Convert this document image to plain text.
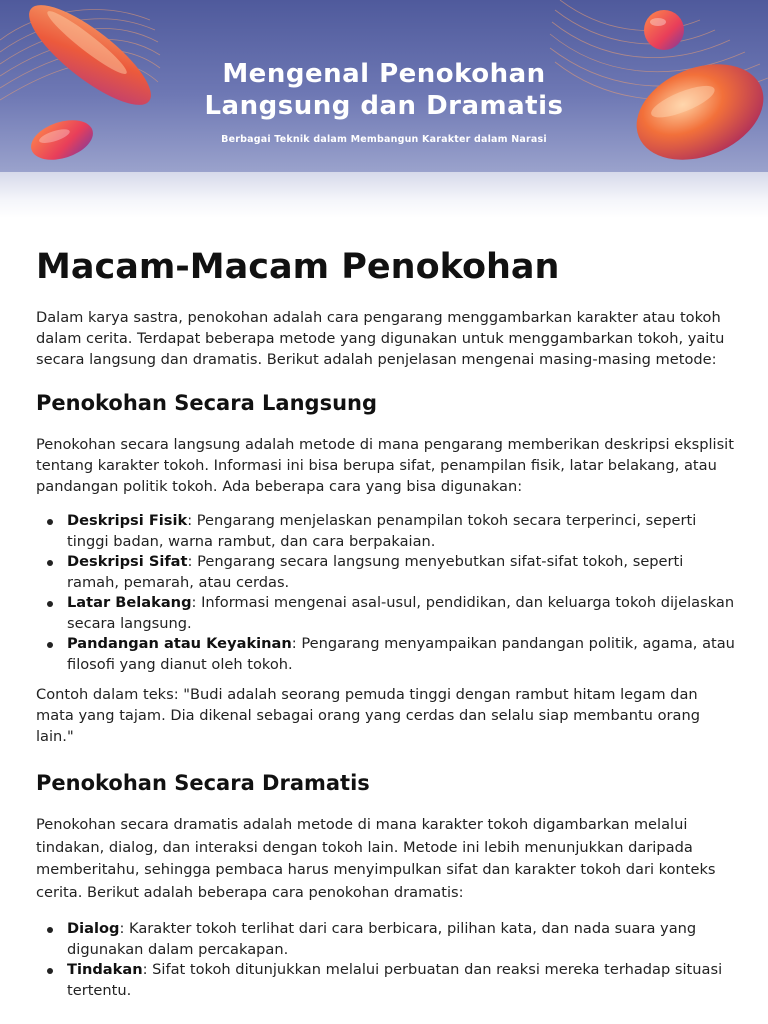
Mengenal Penokohan
Langsung dan Dramatis
Berbagai Teknik dalam Membangun Karakter dalam Narasi
Macam-Macam Penokohan

Dalam karya sastra, penokohan adalah cara pengarang menggambarkan karakter atau tokoh dalam cerita. Terdapat beberapa metode yang digunakan untuk menggambarkan tokoh, yaitu secara langsung dan dramatis. Berikut adalah penjelasan mengenai masing-masing metode:

Penokohan Secara Langsung

Penokohan secara langsung adalah metode di mana pengarang memberikan deskripsi eksplisit tentang karakter tokoh. Informasi ini bisa berupa sifat, penampilan fisik, latar belakang, atau pandangan politik tokoh. Ada beberapa cara yang bisa digunakan:

Deskripsi Fisik: Pengarang menjelaskan penampilan tokoh secara terperinci, seperti tinggi badan, warna rambut, dan cara berpakaian.
Deskripsi Sifat: Pengarang secara langsung menyebutkan sifat-sifat tokoh, seperti ramah, pemarah, atau cerdas.
Latar Belakang: Informasi mengenai asal-usul, pendidikan, dan keluarga tokoh dijelaskan secara langsung.
Pandangan atau Keyakinan: Pengarang menyampaikan pandangan politik, agama, atau filosofi yang dianut oleh tokoh.

Contoh dalam teks: "Budi adalah seorang pemuda tinggi dengan rambut hitam legam dan mata yang tajam. Dia dikenal sebagai orang yang cerdas dan selalu siap membantu orang lain."

Penokohan Secara Dramatis

Penokohan secara dramatis adalah metode di mana karakter tokoh digambarkan melalui tindakan, dialog, dan interaksi dengan tokoh lain. Metode ini lebih menunjukkan daripada memberitahu, sehingga pembaca harus menyimpulkan sifat dan karakter tokoh dari konteks cerita. Berikut adalah beberapa cara penokohan dramatis:

Dialog: Karakter tokoh terlihat dari cara berbicara, pilihan kata, dan nada suara yang digunakan dalam percakapan.
Tindakan: Sifat tokoh ditunjukkan melalui perbuatan dan reaksi mereka terhadap situasi tertentu.
